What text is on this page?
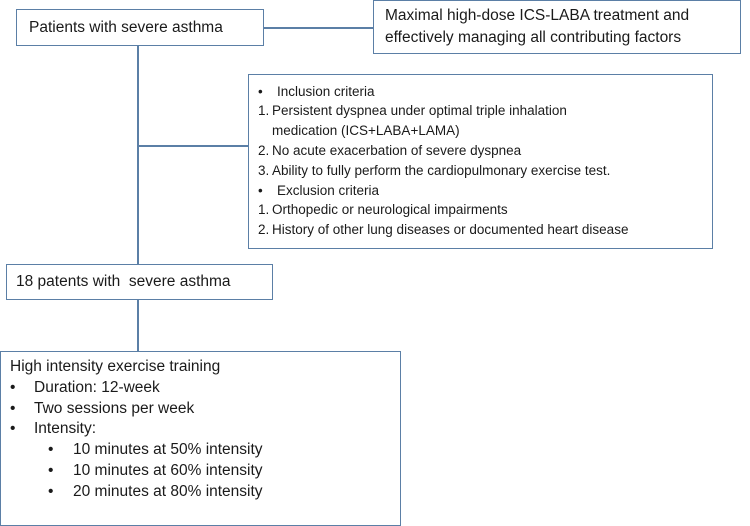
Patients with severe asthma
Maximal high-dose ICS-LABA treatment and
effectively managing all contributing factors
• Inclusion criteria
1. Persistent dyspnea under optimal triple inhalation
medication (ICS+LABA+LAMA)
2. No acute exacerbation of severe dyspnea
3. Ability to fully perform the cardiopulmonary exercise test.
• Exclusion criteria
1. Orthopedic or neurological impairments
2. History of other lung diseases or documented heart disease
18 patents with  severe asthma
High intensity exercise training
• Duration: 12-week
• Two sessions per week
• Intensity:
• 10 minutes at 50% intensity
• 10 minutes at 60% intensity
• 20 minutes at 80% intensity
